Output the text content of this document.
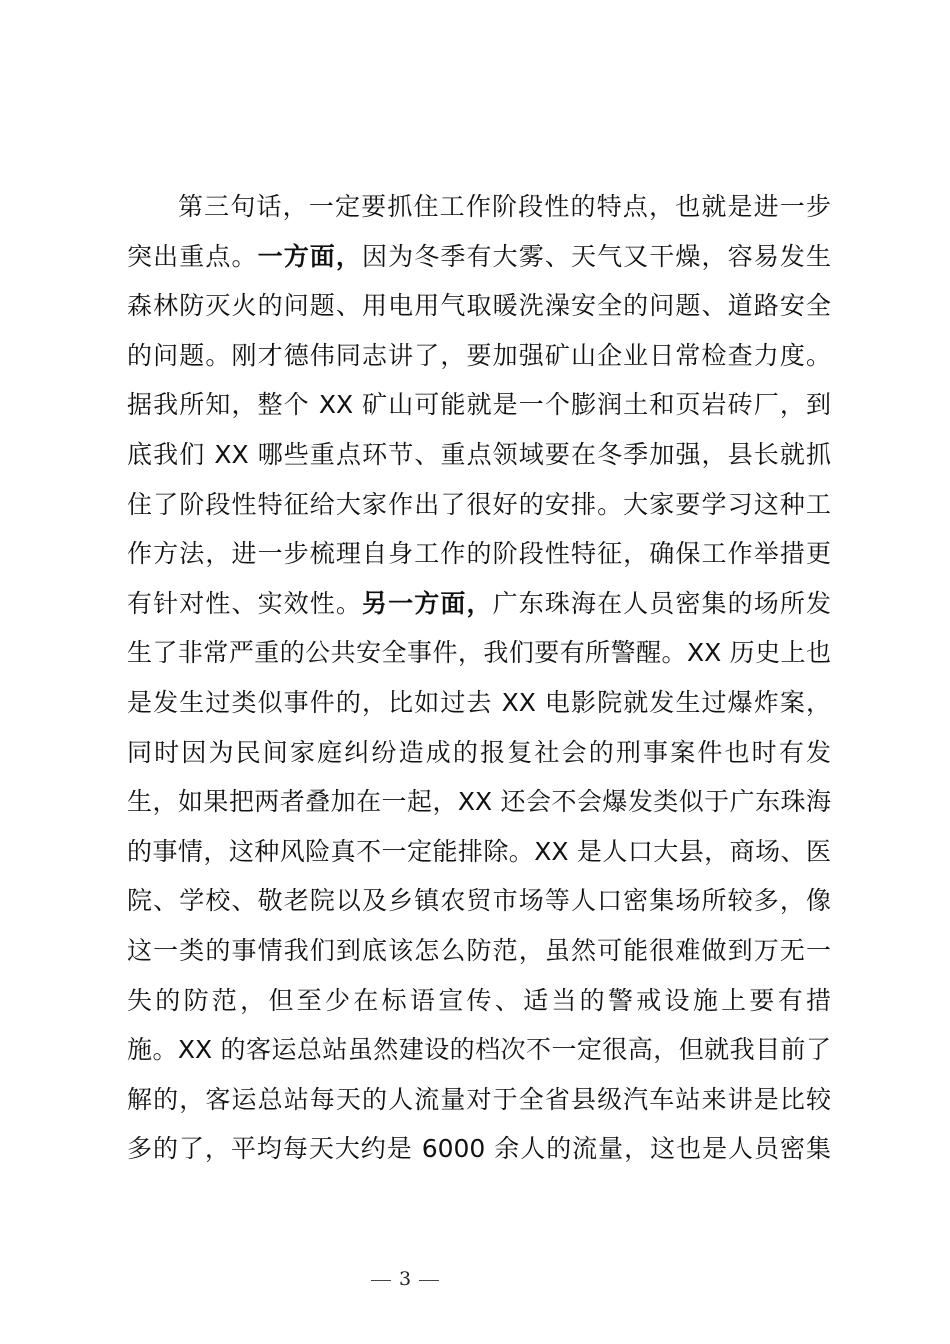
第三句话，一定要抓住工作阶段性的特点，也就是进一步
突出重点。一方面，因为冬季有大雾、天气又干燥，容易发生
森林防灭火的问题、用电用气取暖洗澡安全的问题、道路安全
的问题。刚才德伟同志讲了，要加强矿山企业日常检查力度。
据我所知，整个 XX 矿山可能就是一个膨润土和页岩砖厂，到
底我们 XX 哪些重点环节、重点领域要在冬季加强，县长就抓
住了阶段性特征给大家作出了很好的安排。大家要学习这种工
作方法，进一步梳理自身工作的阶段性特征，确保工作举措更
有针对性、实效性。另一方面，广东珠海在人员密集的场所发
生了非常严重的公共安全事件，我们要有所警醒。XX 历史上也
是发生过类似事件的，比如过去 XX 电影院就发生过爆炸案，
同时因为民间家庭纠纷造成的报复社会的刑事案件也时有发
生，如果把两者叠加在一起，XX 还会不会爆发类似于广东珠海
的事情，这种风险真不一定能排除。XX 是人口大县，商场、医
院、学校、敬老院以及乡镇农贸市场等人口密集场所较多，像
这一类的事情我们到底该怎么防范，虽然可能很难做到万无一
失的防范，但至少在标语宣传、适当的警戒设施上要有措
施。XX 的客运总站虽然建设的档次不一定很高，但就我目前了
解的，客运总站每天的人流量对于全省县级汽车站来讲是比较
多的了，平均每天大约是 6000 余人的流量，这也是人员密集
3
